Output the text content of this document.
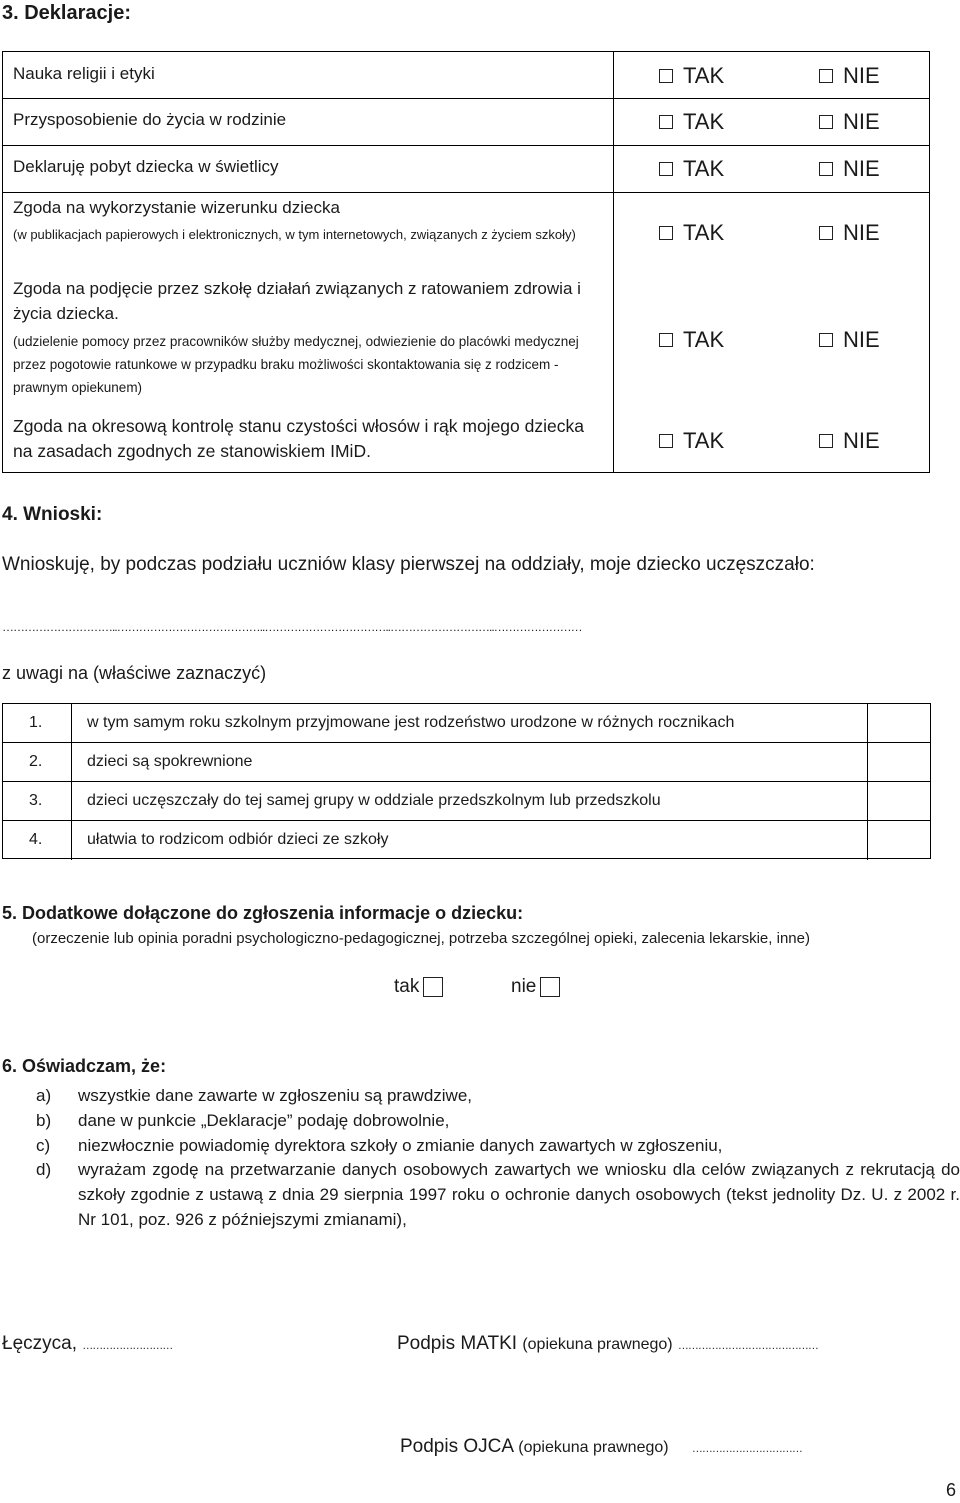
3. Deklaracje:
Nauka religii i etyki	TAK	NIE
Przysposobienie do życia w rodzinie	TAK	NIE
Deklaruję pobyt dziecka w świetlicy	TAK	NIE
Zgoda na wykorzystanie wizerunku dziecka
(w publikacjach papierowych i elektronicznych, w tym internetowych, związanych z życiem szkoły)	TAK	NIE
Zgoda na podjęcie przez szkołę działań związanych z ratowaniem zdrowia i życia dziecka.
(udzielenie pomocy przez pracowników służby medycznej, odwiezienie do placówki medycznej przez pogotowie ratunkowe w przypadku braku możliwości skontaktowania się z rodzicem - prawnym opiekunem)
TAK	NIE
Zgoda na okresową kontrolę stanu czystości włosów i rąk mojego dziecka na zasadach zgodnych ze stanowiskiem IMiD.	TAK	NIE
4. Wnioski:
Wnioskuję, by podczas podziału uczniów klasy pierwszej na oddziały, moje dziecko uczęszczało:
…………………………..…………………………………..……………………………..………………………..……………………
z uwagi na (właściwe zaznaczyć)
1.	w tym samym roku szkolnym przyjmowane jest rodzeństwo urodzone w różnych rocznikach
2.	dzieci są spokrewnione
3.	dzieci uczęszczały do tej samej grupy w oddziale przedszkolnym lub przedszkolu
4.	ułatwia to rodzicom odbiór dzieci ze szkoły
5. Dodatkowe dołączone do zgłoszenia informacje o dziecku:
(orzeczenie lub opinia poradni psychologiczno-pedagogicznej, potrzeba szczególnej opieki, zalecenia lekarskie, inne)
tak	nie
6. Oświadczam, że:
a) wszystkie dane zawarte w zgłoszeniu są prawdziwe,
b) dane w punkcie „Deklaracje” podaję dobrowolnie,
c) niezwłocznie powiadomię dyrektora szkoły o zmianie danych zawartych w zgłoszeniu,
d) wyrażam zgodę na przetwarzanie danych osobowych zawartych we wniosku dla celów związanych z rekrutacją do szkoły zgodnie z ustawą z dnia 29 sierpnia 1997 roku o ochronie danych osobowych (tekst jednolity Dz. U. z 2002 r. Nr 101, poz. 926 z późniejszymi zmianami),
Łęczyca, ………………………	Podpis MATKI (opiekuna prawnego) ……………………………………
Podpis OJCA (opiekuna prawnego) ……………………………
6
